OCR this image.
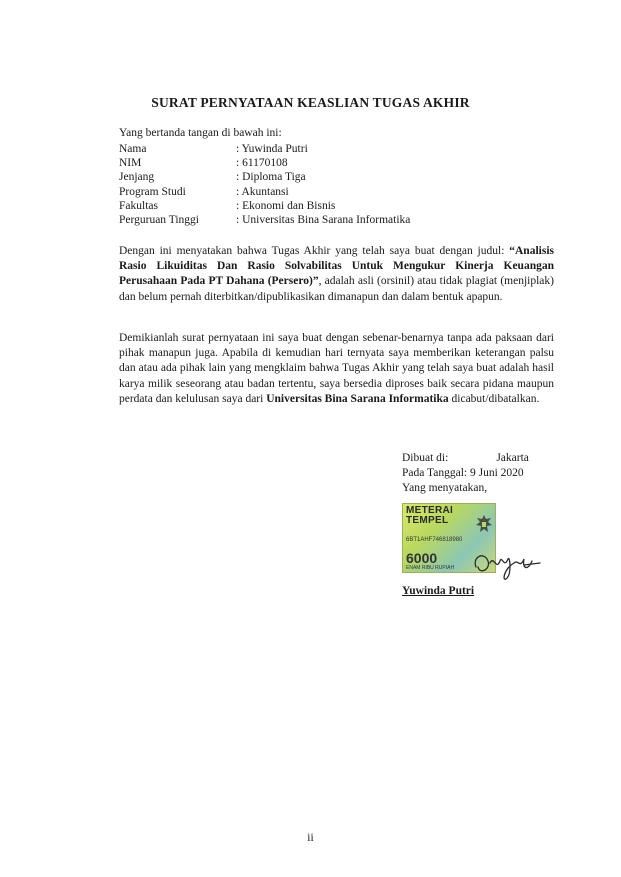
SURAT PERNYATAAN KEASLIAN TUGAS AKHIR
Yang bertanda tangan di bawah ini:
Nama	: Yuwinda Putri
NIM	: 61170108
Jenjang	: Diploma Tiga
Program Studi	: Akuntansi
Fakultas	: Ekonomi dan Bisnis
Perguruan Tinggi	: Universitas Bina Sarana Informatika
Dengan ini menyatakan bahwa Tugas Akhir yang telah saya buat dengan judul: “Analisis Rasio Likuiditas Dan Rasio Solvabilitas Untuk Mengukur Kinerja Keuangan Perusahaan Pada PT Dahana (Persero)”, adalah asli (orsinil) atau tidak plagiat (menjiplak) dan belum pernah diterbitkan/dipublikasikan dimanapun dan dalam bentuk apapun.
Demikianlah surat pernyataan ini saya buat dengan sebenar-benarnya tanpa ada paksaan dari pihak manapun juga. Apabila di kemudian hari ternyata saya memberikan keterangan palsu dan atau ada pihak lain yang mengklaim bahwa Tugas Akhir yang telah saya buat adalah hasil karya milik seseorang atau badan tertentu, saya bersedia diproses baik secara pidana maupun perdata dan kelulusan saya dari Universitas Bina Sarana Informatika dicabut/dibatalkan.
Dibuat di:	Jakarta
Pada Tanggal: 9 Juni 2020
Yang menyatakan,
METERAI TEMPEL
6BT1AHF746818980
6000
ENAM RIBU RUPIAH
Yuwinda Putri
ii
